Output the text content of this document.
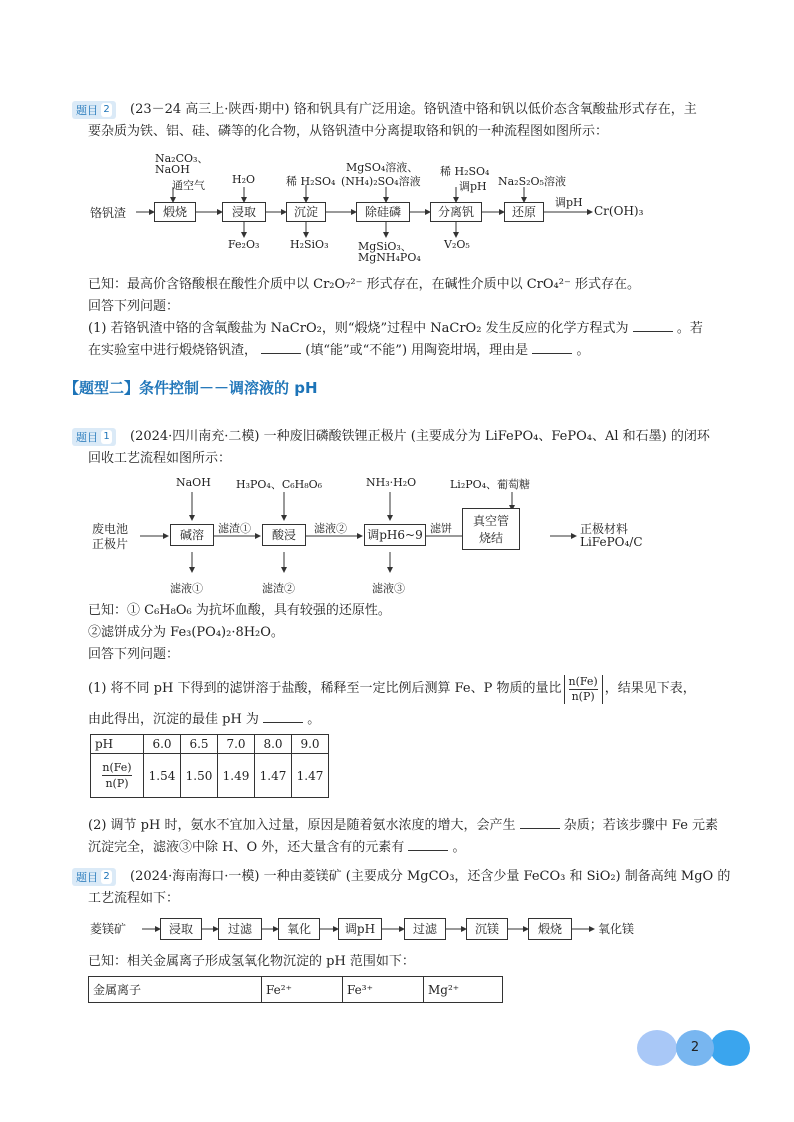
题目 2 (23－24 高三上·陕西·期中) 铬和钒具有广泛用途。铬钒渣中铬和钒以低价态含氧酸盐形式存在，主
要杂质为铁、铝、硅、磷等的化合物，从铬钒渣中分离提取铬和钒的一种流程图如图所示：
铬钒渣	煅烧	浸取	沉淀	除硅磷	分离钒	还原
调pH
Cr(OH)₃
Na₂CO₃、
NaOH
通空气 H₂O	稀 H₂SO₄
MgSO₄溶液、
(NH₄)₂SO₄溶液
稀 H₂SO₄
调pH Na₂S₂O₅溶液
Fe₂O₃	H₂SiO₃	MgSiO₃、
MgNH₄PO₄
V₂O₅
已知：最高价含铬酸根在酸性介质中以 Cr₂O₇²⁻ 形式存在，在碱性介质中以 CrO₄²⁻ 形式存在。
回答下列问题：
(1) 若铬钒渣中铬的含氧酸盐为 NaCrO₂，则“煅烧”过程中 NaCrO₂ 发生反应的化学方程式为	。若
在实验室中进行煅烧铬钒渣，	(填“能”或“不能”) 用陶瓷坩埚，理由是	。
【题型二】条件控制－－调溶液的 pH
题目 1 (2024·四川南充·二模) 一种废旧磷酸铁锂正极片 (主要成分为 LiFePO₄、FePO₄、Al 和石墨) 的闭环
回收工艺流程如图所示：
废电池
正极片
碱溶	酸浸	调pH6~9
真空管
烧结
正极材料
LiFePO₄/C
NaOH H₃PO₄、C₆H₈O₆	NH₃·H₂O	Li₂PO₄、葡萄糖
滤渣①	滤液②	滤饼
滤液①	滤渣②	滤液③
已知：① C₆H₈O₆ 为抗坏血酸，具有较强的还原性。
②滤饼成分为 Fe₃(PO₄)₂·8H₂O。
回答下列问题：
(1) 将不同 pH 下得到的滤饼溶于盐酸，稀释至一定比例后测算 Fe、P 物质的量比 $\frac{n(Fe)}{n(P)}$ ，结果见下表，
由此得出，沉淀的最佳 pH 为	。
pH	6.0	6.5	7.0	8.0	9.0

$\frac{n(Fe)}{n(P)}$	1.54	1.50	1.49	1.47	1.47
(2) 调节 pH 时，氨水不宜加入过量，原因是随着氨水浓度的增大，会产生	杂质；若该步骤中 Fe 元素
沉淀完全，滤液③中除 H、O 外，还大量含有的元素有	。
题目 2 (2024·海南海口·一模) 一种由菱镁矿 (主要成分 MgCO₃，还含少量 FeCO₃ 和 SiO₂) 制备高纯 MgO 的
工艺流程如下：
菱镁矿	浸取	过滤	氧化	调pH	过滤	沉镁	煅烧	氧化镁
已知：相关金属离子形成氢氧化物沉淀的 pH 范围如下：
金属离子	Fe²⁺	Fe³⁺	Mg²⁺
2
